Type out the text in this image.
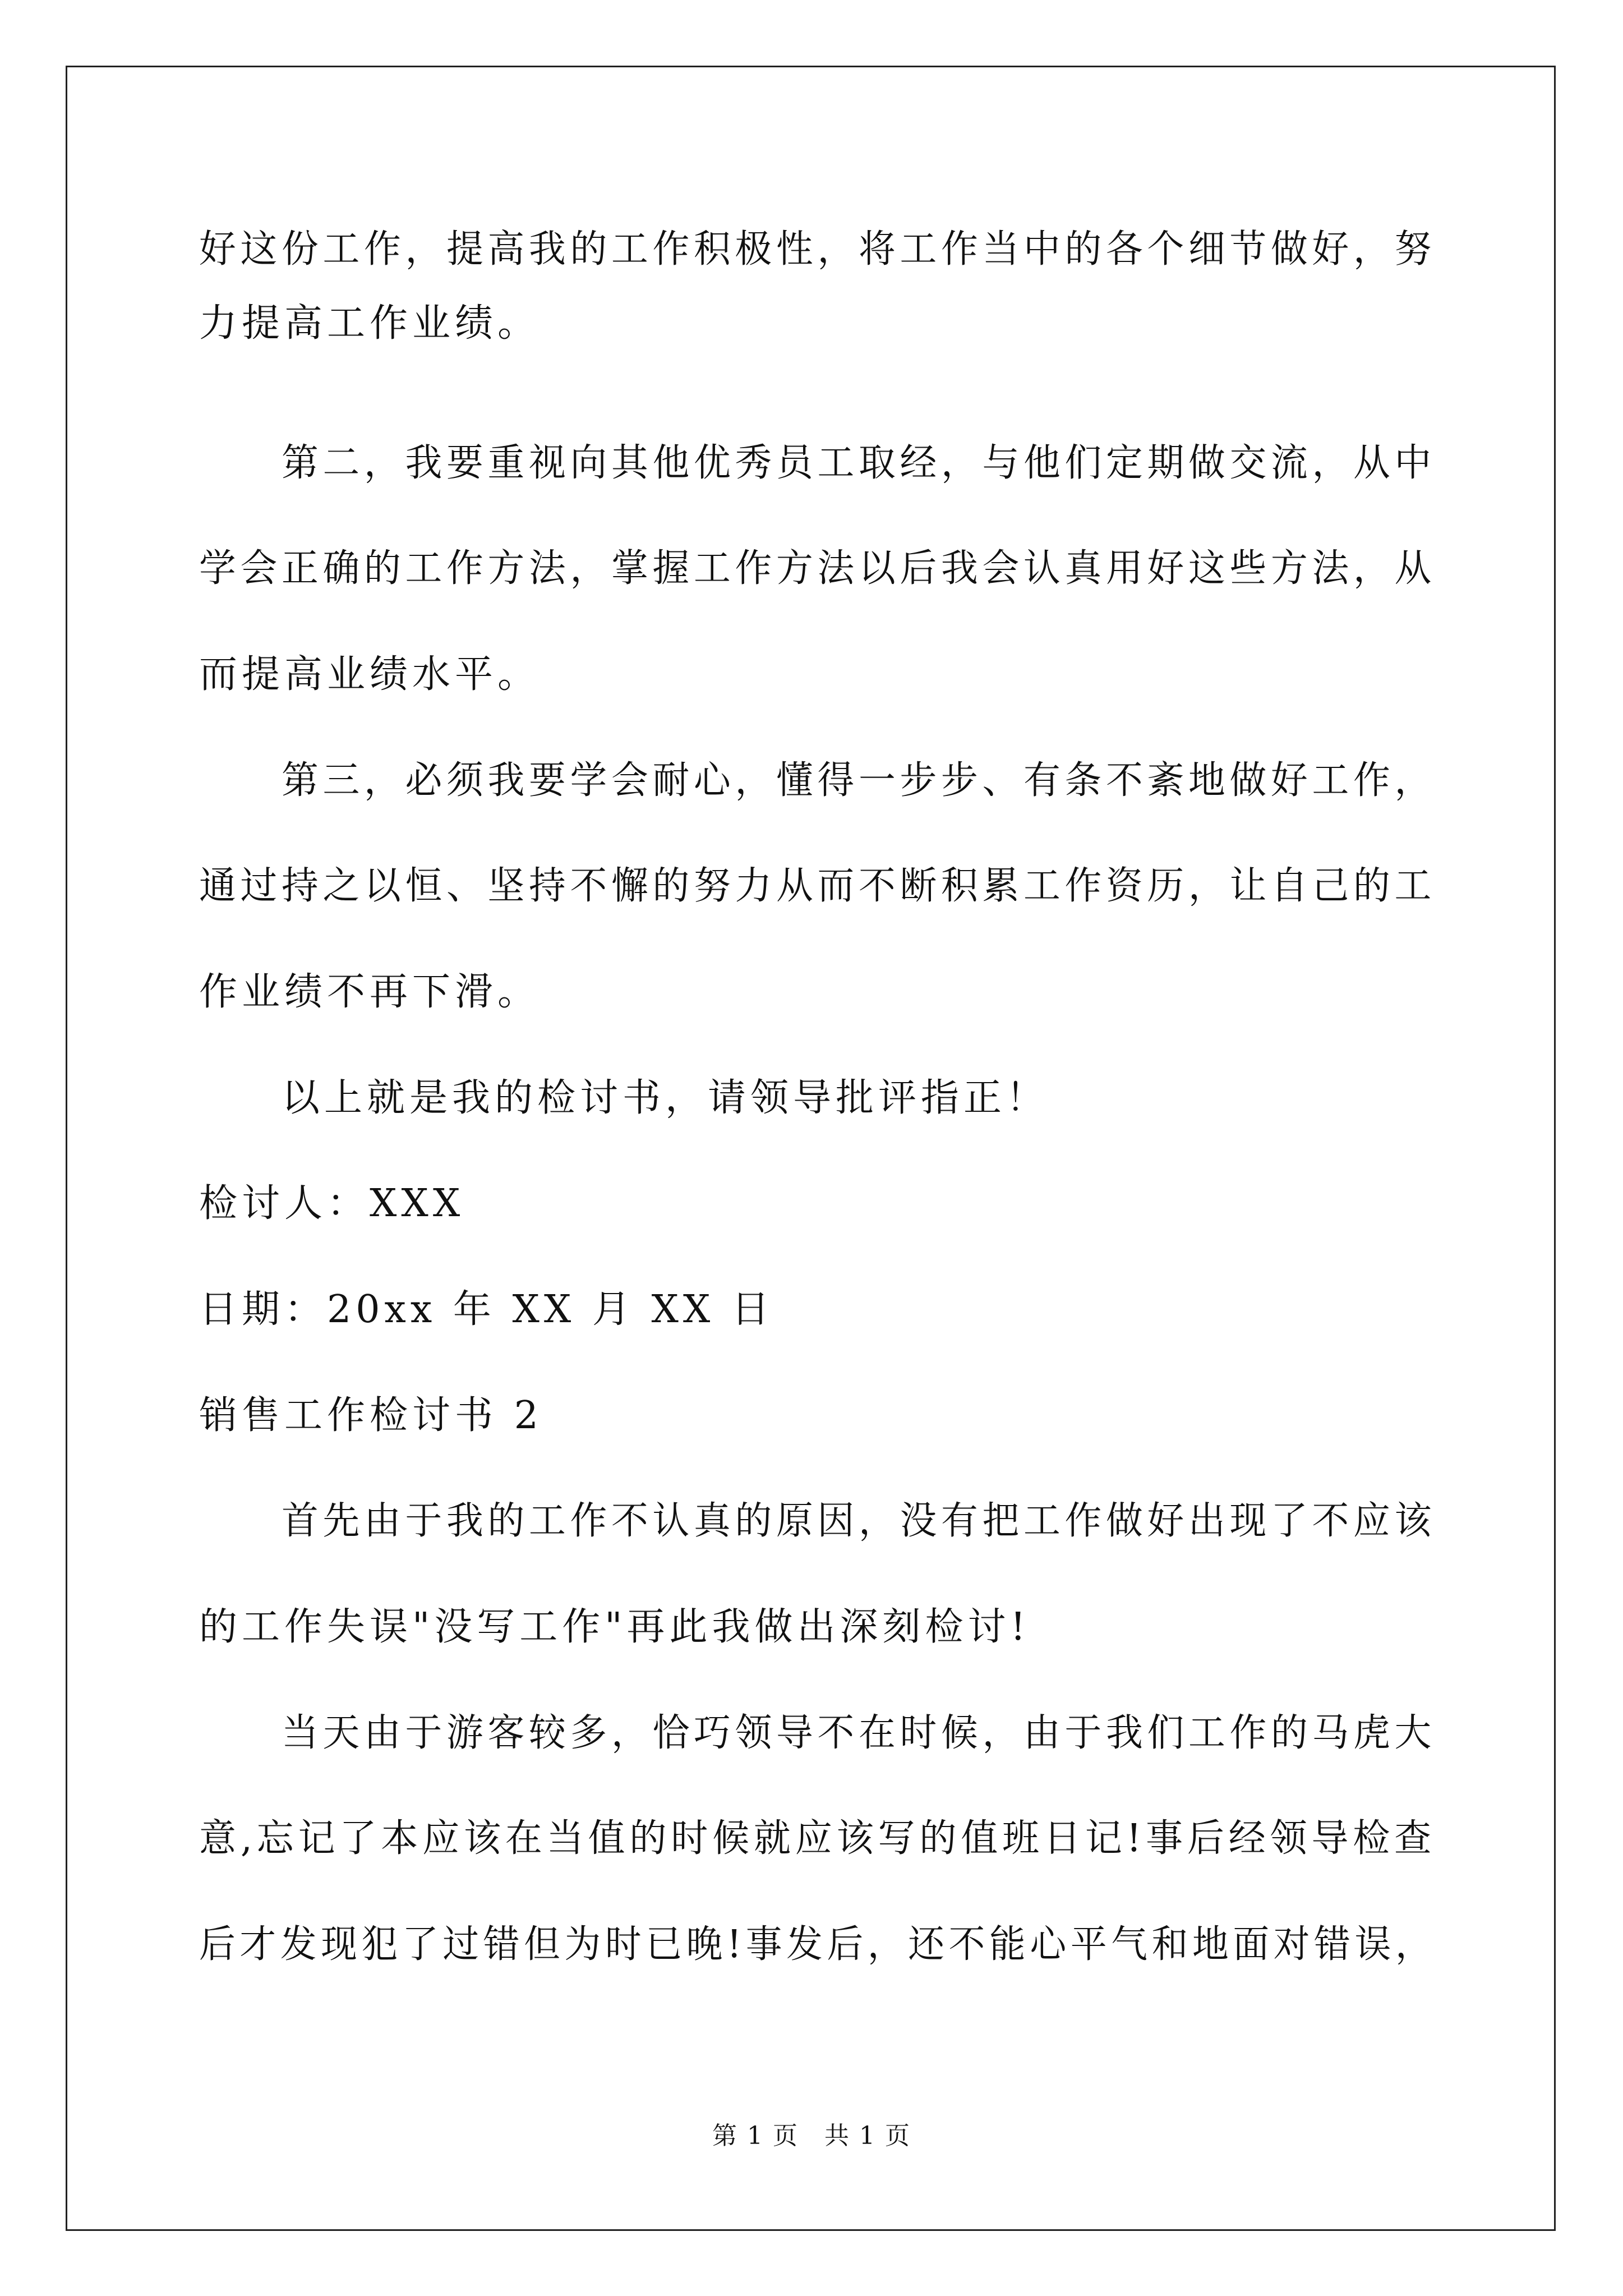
好这份工作，提高我的工作积极性，将工作当中的各个细节做好，努
力提高工作业绩。
第二，我要重视向其他优秀员工取经，与他们定期做交流，从中
学会正确的工作方法，掌握工作方法以后我会认真用好这些方法，从
而提高业绩水平。
第三，必须我要学会耐心，懂得一步步、有条不紊地做好工作，
通过持之以恒、坚持不懈的努力从而不断积累工作资历，让自己的工
作业绩不再下滑。
以上就是我的检讨书，请领导批评指正！
检讨人：XXX
日期：20xx 年 XX 月 XX 日
销售工作检讨书 2
首先由于我的工作不认真的原因，没有把工作做好出现了不应该
的工作失误"没写工作"再此我做出深刻检讨!
当天由于游客较多，恰巧领导不在时候，由于我们工作的马虎大
意,忘记了本应该在当值的时候就应该写的值班日记!事后经领导检查
后才发现犯了过错但为时已晚!事发后，还不能心平气和地面对错误，
第 1 页　共 1 页
